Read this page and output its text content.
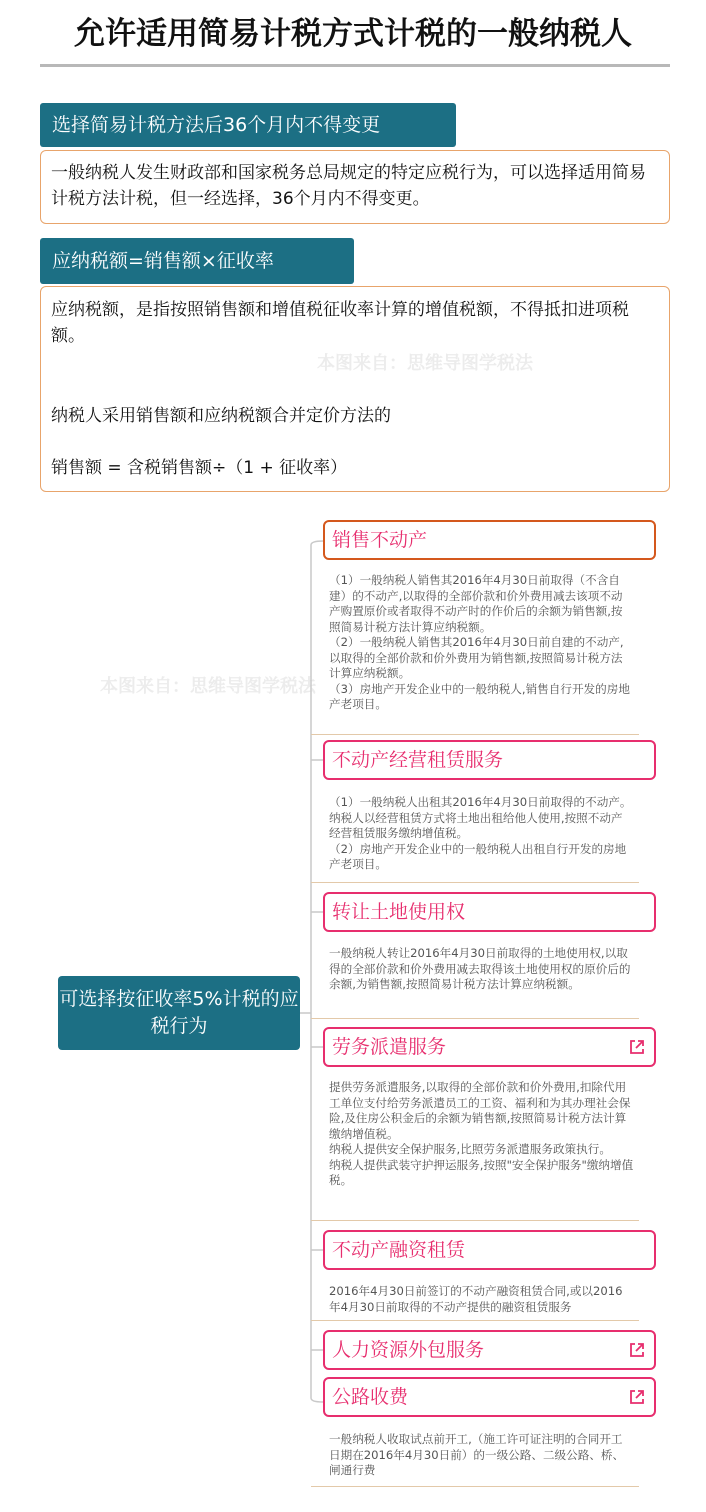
允许适用简易计税方式计税的一般纳税人
选择简易计税方法后36个月内不得变更
一般纳税人发生财政部和国家税务总局规定的特定应税行为，可以选择适用简易计税方法计税，但一经选择，36个月内不得变更。
应纳税额=销售额×征收率
应纳税额，是指按照销售额和增值税征收率计算的增值税额，不得抵扣进项税额。
本图来自：思维导图学税法
纳税人采用销售额和应纳税额合并定价方法的
销售额 = 含税销售额÷（1 + 征收率）
本图来自：思维导图学税法
可选择按征收率5%计税的应税行为
销售不动产
（1）一般纳税人销售其2016年4月30日前取得（不含自建）的不动产,以取得的全部价款和价外费用减去该项不动产购置原价或者取得不动产时的作价后的余额为销售额,按照简易计税方法计算应纳税额。
（2）一般纳税人销售其2016年4月30日前自建的不动产,以取得的全部价款和价外费用为销售额,按照简易计税方法计算应纳税额。
（3）房地产开发企业中的一般纳税人,销售自行开发的房地产老项目。
不动产经营租赁服务
（1）一般纳税人出租其2016年4月30日前取得的不动产。纳税人以经营租赁方式将土地出租给他人使用,按照不动产经营租赁服务缴纳增值税。
（2）房地产开发企业中的一般纳税人出租自行开发的房地产老项目。
转让土地使用权
一般纳税人转让2016年4月30日前取得的土地使用权,以取得的全部价款和价外费用减去取得该土地使用权的原价后的余额,为销售额,按照简易计税方法计算应纳税额。
劳务派遣服务
提供劳务派遣服务,以取得的全部价款和价外费用,扣除代用工单位支付给劳务派遣员工的工资、福利和为其办理社会保险,及住房公积金后的余额为销售额,按照简易计税方法计算缴纳增值税。
纳税人提供安全保护服务,比照劳务派遣服务政策执行。
纳税人提供武装守护押运服务,按照"安全保护服务"缴纳增值税。
不动产融资租赁
2016年4月30日前签订的不动产融资租赁合同,或以2016年4月30日前取得的不动产提供的融资租赁服务
人力资源外包服务
公路收费
一般纳税人收取试点前开工,（施工许可证注明的合同开工日期在2016年4月30日前）的一级公路、二级公路、桥、闸通行费
